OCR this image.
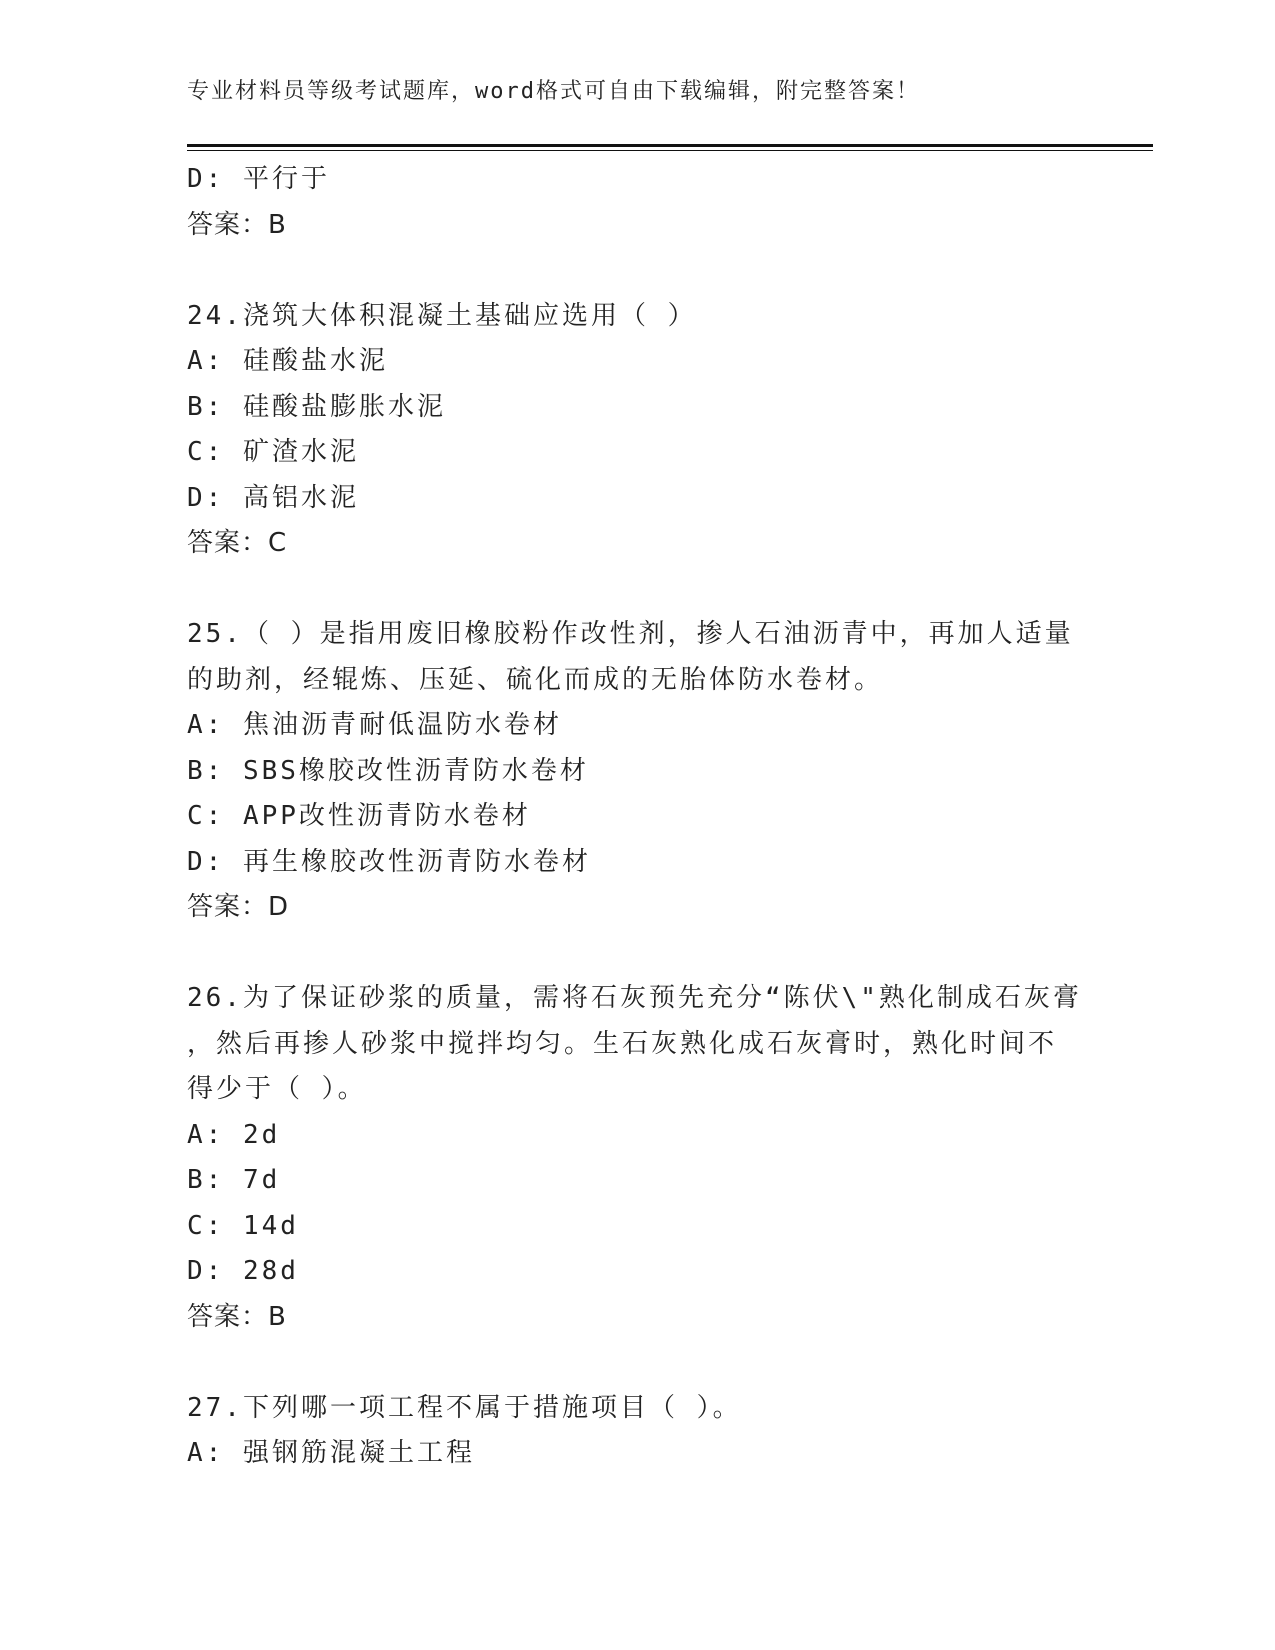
专业材料员等级考试题库，word格式可自由下载编辑，附完整答案！
D: 平行于
答案：B
24.浇筑大体积混凝土基础应选用（ ）
A: 硅酸盐水泥
B: 硅酸盐膨胀水泥
C: 矿渣水泥
D: 高铝水泥
答案：C
25.（ ）是指用废旧橡胶粉作改性剂，掺人石油沥青中，再加人适量
的助剂，经辊炼、压延、硫化而成的无胎体防水卷材。
A: 焦油沥青耐低温防水卷材
B: SBS橡胶改性沥青防水卷材
C: APP改性沥青防水卷材
D: 再生橡胶改性沥青防水卷材
答案：D
26.为了保证砂浆的质量，需将石灰预先充分“陈伏\"熟化制成石灰膏
，然后再掺人砂浆中搅拌均匀。生石灰熟化成石灰膏时，熟化时间不
得少于（ ）。
A: 2d
B: 7d
C: 14d
D: 28d
答案：B
27.下列哪一项工程不属于措施项目（ ）。
A: 强钢筋混凝土工程
